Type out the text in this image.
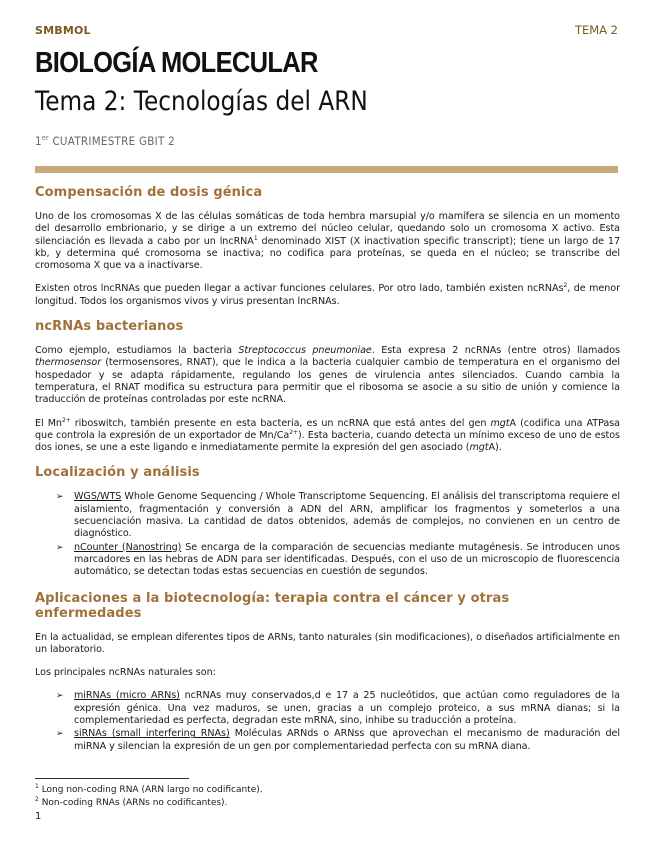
SMBMOL	TEMA 2
BIOLOGÍA MOLECULAR
Tema 2: Tecnologías del ARN
1er CUATRIMESTRE GBIT 2
Compensación de dosis génica

Uno de los cromosomas X de las células somáticas de toda hembra marsupial y/o mamífera se silencia en un momento del desarrollo embrionario, y se dirige a un extremo del núcleo celular, quedando solo un cromosoma X activo. Esta silenciación es llevada a cabo por un lncRNA$^1$ denominado XIST (X inactivation specific transcript); tiene un largo de 17 kb, y determina qué cromosoma se inactiva; no codifica para proteínas, se queda en el núcleo; se transcribe del cromosoma X que va a inactivarse.

Existen otros lncRNAs que pueden llegar a activar funciones celulares. Por otro lado, también existen ncRNAs$^2$, de menor longitud. Todos los organismos vivos y virus presentan lncRNAs.

ncRNAs bacterianos

Como ejemplo, estudiamos la bacteria Streptococcus pneumoniae. Esta expresa 2 ncRNAs (entre otros) llamados thermosensor (termosensores, RNAT), que le indica a la bacteria cualquier cambio de temperatura en el organismo del hospedador y se adapta rápidamente, regulando los genes de virulencia antes silenciados. Cuando cambia la temperatura, el RNAT modifica su estructura para permitir que el ribosoma se asocie a su sitio de unión y comience la traducción de proteínas controladas por este ncRNA.

El $Mn^{2+}$ riboswitch, también presente en esta bacteria, es un ncRNA que está antes del gen mgtA (codifica una ATPasa que controla la expresión de un exportador de $Mn/Ca^{2+}$). Esta bacteria, cuando detecta un mínimo exceso de uno de estos dos iones, se une a este ligando e inmediatamente permite la expresión del gen asociado (mgtA).

Localización y análisis
➢ WGS/WTS Whole Genome Sequencing / Whole Transcriptome Sequencing. El análisis del transcriptoma requiere el aislamiento, fragmentación y conversión a ADN del ARN, amplificar los fragmentos y someterlos a una secuenciación masiva. La cantidad de datos obtenidos, además de complejos, no convienen en un centro de diagnóstico.
➢ nCounter (Nanostring) Se encarga de la comparación de secuencias mediante mutagénesis. Se introducen unos marcadores en las hebras de ADN para ser identificadas. Después, con el uso de un microscopio de fluorescencia automático, se detectan todas estas secuencias en cuestión de segundos.
Aplicaciones a la biotecnología: terapia contra el cáncer y otras enfermedades

En la actualidad, se emplean diferentes tipos de ARNs, tanto naturales (sin modificaciones), o diseñados artificialmente en un laboratorio.

Los principales ncRNAs naturales son:

➢ miRNAs (micro ARNs) ncRNAs muy conservados,d e 17 a 25 nucleótidos, que actúan como reguladores de la expresión génica. Una vez maduros, se unen, gracias a un complejo proteico, a sus mRNA dianas; si la complementariedad es perfecta, degradan este mRNA, sino, inhibe su traducción a proteína.
➢ siRNAs (small interfering RNAs) Moléculas ARNds o ARNss que aprovechan el mecanismo de maduración del miRNA y silencian la expresión de un gen por complementariedad perfecta con su mRNA diana.
$^1$ Long non-coding RNA (ARN largo no codificante).
$^2$ Non-coding RNAs (ARNs no codificantes).
1
